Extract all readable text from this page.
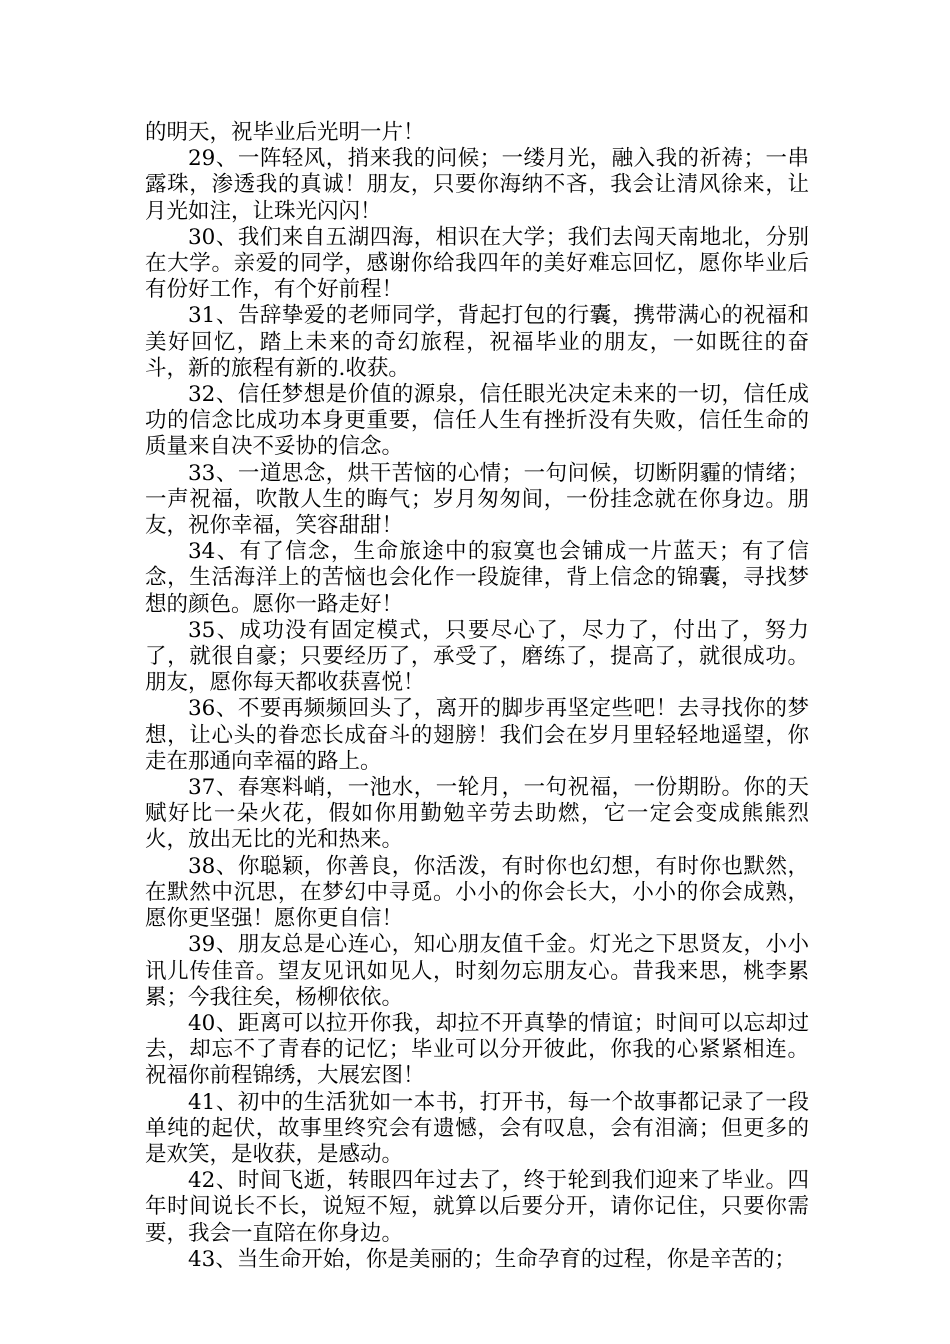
的明天，祝毕业后光明一片！

29、一阵轻风，捎来我的问候；一缕月光，融入我的祈祷；一串露珠，渗透我的真诚！朋友，只要你海纳不吝，我会让清风徐来，让月光如注，让珠光闪闪！

30、我们来自五湖四海，相识在大学；我们去闯天南地北，分别在大学。亲爱的同学，感谢你给我四年的美好难忘回忆，愿你毕业后有份好工作，有个好前程！

31、告辞挚爱的老师同学，背起打包的行囊，携带满心的祝福和美好回忆，踏上未来的奇幻旅程，祝福毕业的朋友，一如既往的奋斗，新的旅程有新的.收获。

32、信任梦想是价值的源泉，信任眼光决定未来的一切，信任成功的信念比成功本身更重要，信任人生有挫折没有失败，信任生命的质量来自决不妥协的信念。

33、一道思念，烘干苦恼的心情；一句问候，切断阴霾的情绪；一声祝福，吹散人生的晦气；岁月匆匆间，一份挂念就在你身边。朋友，祝你幸福，笑容甜甜！

34、有了信念，生命旅途中的寂寞也会铺成一片蓝天；有了信念，生活海洋上的苦恼也会化作一段旋律，背上信念的锦囊，寻找梦想的颜色。愿你一路走好！

35、成功没有固定模式，只要尽心了，尽力了，付出了，努力了，就很自豪；只要经历了，承受了，磨练了，提高了，就很成功。朋友，愿你每天都收获喜悦！

36、不要再频频回头了，离开的脚步再坚定些吧！去寻找你的梦想，让心头的眷恋长成奋斗的翅膀！我们会在岁月里轻轻地遥望，你走在那通向幸福的路上。

37、春寒料峭，一池水，一轮月，一句祝福，一份期盼。你的天赋好比一朵火花，假如你用勤勉辛劳去助燃，它一定会变成熊熊烈火，放出无比的光和热来。

38、你聪颖，你善良，你活泼，有时你也幻想，有时你也默然，在默然中沉思，在梦幻中寻觅。小小的你会长大，小小的你会成熟，愿你更坚强！愿你更自信！

39、朋友总是心连心，知心朋友值千金。灯光之下思贤友，小小讯儿传佳音。望友见讯如见人，时刻勿忘朋友心。昔我来思，桃李累累；今我往矣，杨柳依依。

40、距离可以拉开你我，却拉不开真挚的情谊；时间可以忘却过去，却忘不了青春的记忆；毕业可以分开彼此，你我的心紧紧相连。祝福你前程锦绣，大展宏图！

41、初中的生活犹如一本书，打开书，每一个故事都记录了一段单纯的起伏，故事里终究会有遗憾，会有叹息，会有泪滴；但更多的是欢笑，是收获，是感动。

42、时间飞逝，转眼四年过去了，终于轮到我们迎来了毕业。四年时间说长不长，说短不短，就算以后要分开，请你记住，只要你需要，我会一直陪在你身边。

43、当生命开始，你是美丽的；生命孕育的过程，你是辛苦的；
